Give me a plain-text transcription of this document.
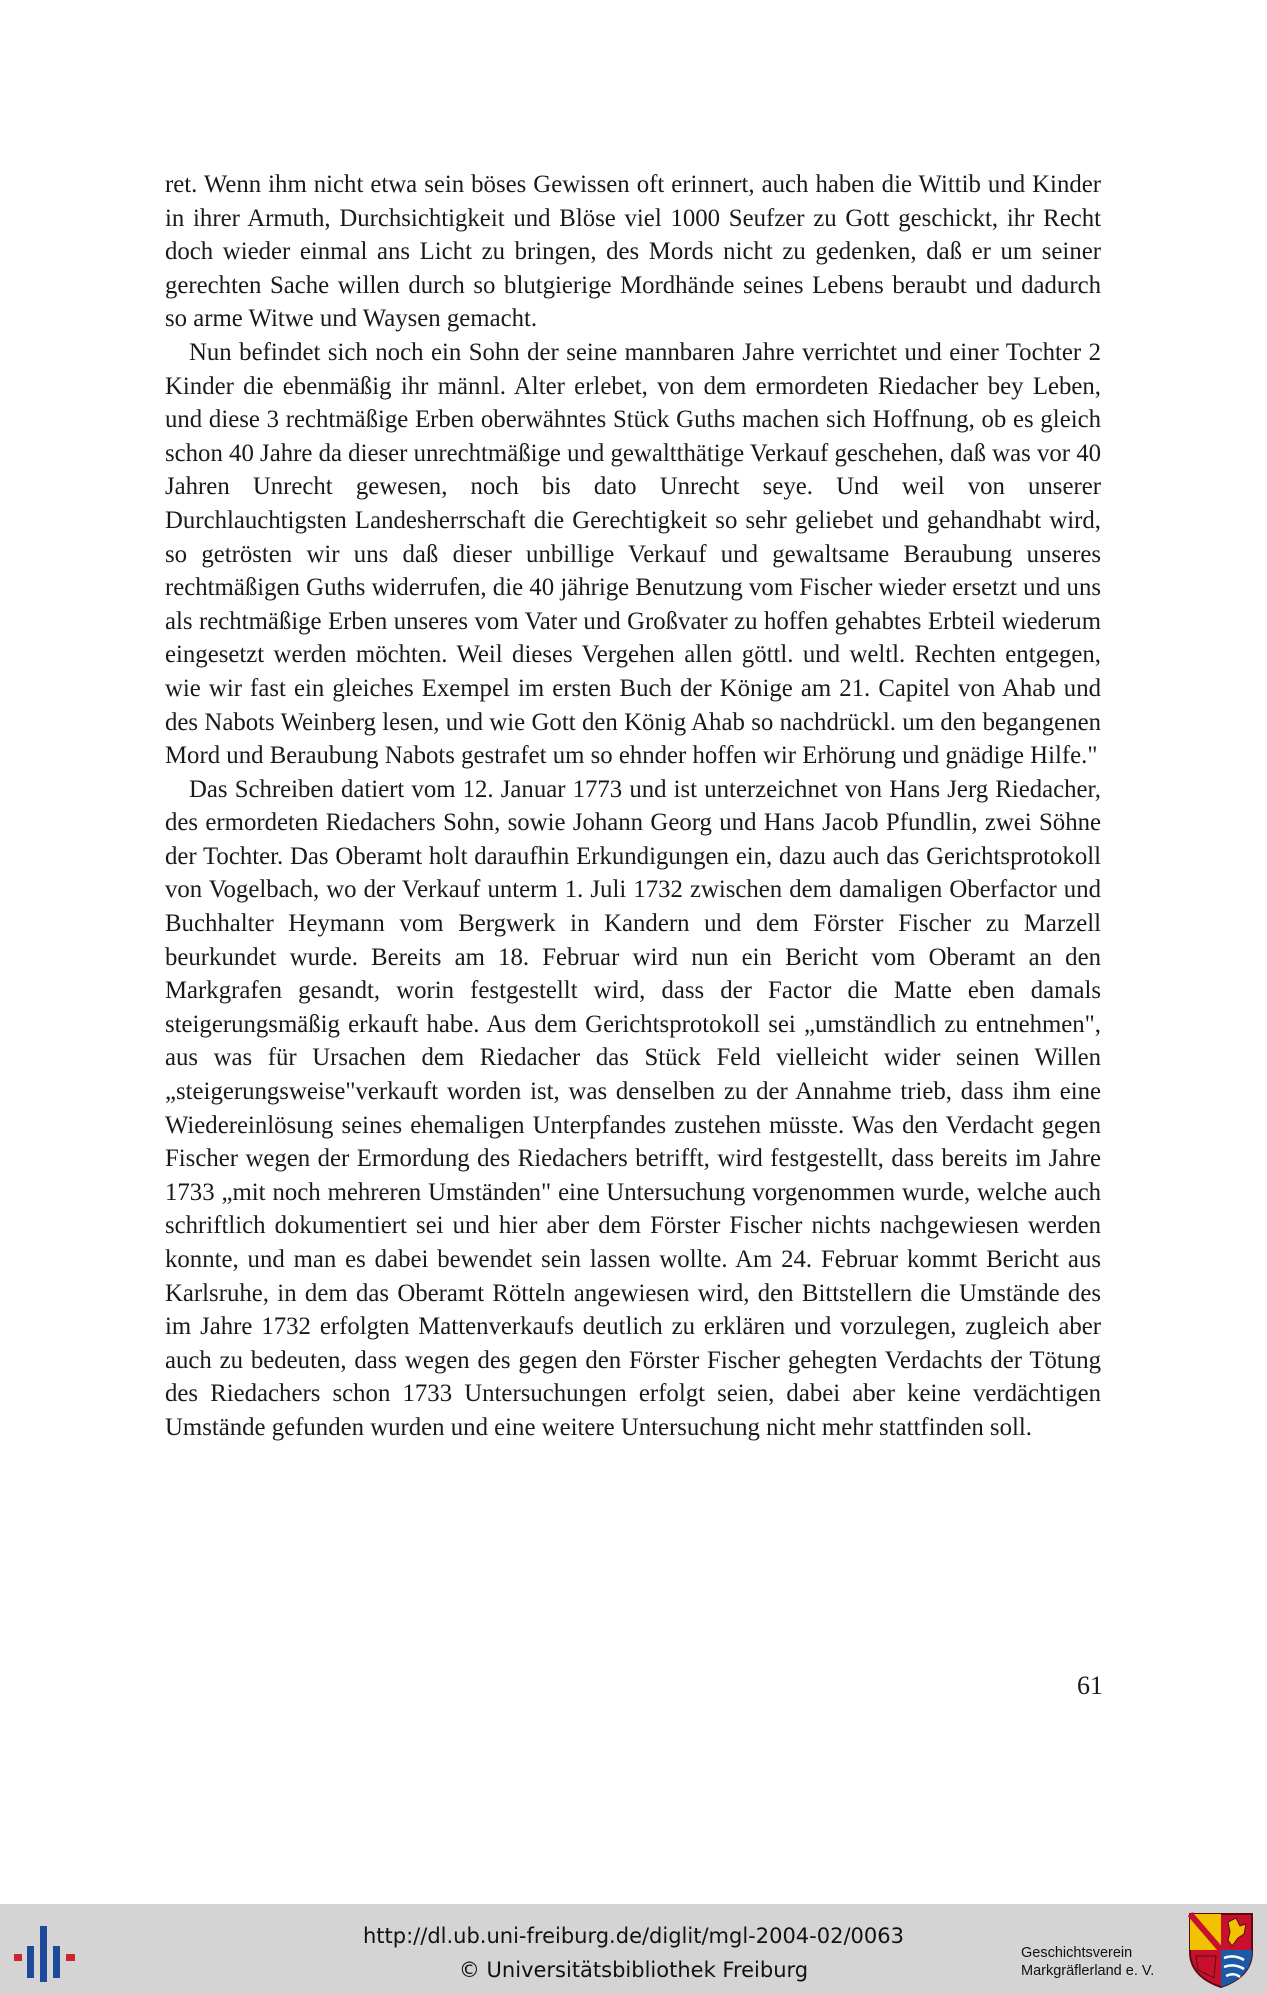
ret. Wenn ihm nicht etwa sein böses Gewissen oft erinnert, auch haben die Wittib und Kinder in ihrer Armuth, Durchsichtigkeit und Blöse viel 1000 Seufzer zu Gott geschickt, ihr Recht doch wieder einmal ans Licht zu bringen, des Mords nicht zu gedenken, daß er um seiner gerechten Sache willen durch so blutgierige Mordhände seines Lebens beraubt und dadurch so arme Witwe und Waysen gemacht.

Nun befindet sich noch ein Sohn der seine mannbaren Jahre verrichtet und einer Tochter 2 Kinder die ebenmäßig ihr männl. Alter erlebet, von dem ermordeten Riedacher bey Leben, und diese 3 rechtmäßige Erben oberwähntes Stück Guths machen sich Hoffnung, ob es gleich schon 40 Jahre da dieser unrechtmäßige und gewaltthätige Verkauf geschehen, daß was vor 40 Jahren Unrecht gewesen, noch bis dato Unrecht seye. Und weil von unserer Durchlauchtigsten Landesherrschaft die Gerechtigkeit so sehr geliebet und gehandhabt wird, so getrösten wir uns daß dieser unbillige Verkauf und gewaltsame Beraubung unseres rechtmäßigen Guths widerrufen, die 40 jährige Benutzung vom Fischer wieder ersetzt und uns als rechtmäßige Erben unseres vom Vater und Großvater zu hoffen gehabtes Erbteil wiederum eingesetzt werden möchten. Weil dieses Vergehen allen göttl. und weltl. Rechten entgegen, wie wir fast ein gleiches Exempel im ersten Buch der Könige am 21. Capitel von Ahab und des Nabots Weinberg lesen, und wie Gott den König Ahab so nachdrückl. um den begangenen Mord und Beraubung Nabots gestrafet um so ehnder hoffen wir Erhörung und gnädige Hilfe."

Das Schreiben datiert vom 12. Januar 1773 und ist unterzeichnet von Hans Jerg Riedacher, des ermordeten Riedachers Sohn, sowie Johann Georg und Hans Jacob Pfundlin, zwei Söhne der Tochter. Das Oberamt holt daraufhin Erkundigungen ein, dazu auch das Gerichtsprotokoll von Vogelbach, wo der Verkauf unterm 1. Juli 1732 zwischen dem damaligen Oberfactor und Buchhalter Heymann vom Bergwerk in Kandern und dem Förster Fischer zu Marzell beurkundet wurde. Bereits am 18. Februar wird nun ein Bericht vom Oberamt an den Markgrafen gesandt, worin festgestellt wird, dass der Factor die Matte eben damals steigerungsmäßig erkauft habe. Aus dem Gerichtsprotokoll sei „umständlich zu entnehmen", aus was für Ursachen dem Riedacher das Stück Feld vielleicht wider seinen Willen „steigerungsweise"verkauft worden ist, was denselben zu der Annahme trieb, dass ihm eine Wiedereinlösung seines ehemaligen Unterpfandes zustehen müsste. Was den Verdacht gegen Fischer wegen der Ermordung des Riedachers betrifft, wird festgestellt, dass bereits im Jahre 1733 „mit noch mehreren Umständen" eine Untersuchung vorgenommen wurde, welche auch schriftlich dokumentiert sei und hier aber dem Förster Fischer nichts nachgewiesen werden konnte, und man es dabei bewendet sein lassen wollte. Am 24. Februar kommt Bericht aus Karlsruhe, in dem das Oberamt Rötteln angewiesen wird, den Bittstellern die Umstände des im Jahre 1732 erfolgten Mattenverkaufs deutlich zu erklären und vorzulegen, zugleich aber auch zu bedeuten, dass wegen des gegen den Förster Fischer gehegten Verdachts der Tötung des Riedachers schon 1733 Untersuchungen erfolgt seien, dabei aber keine verdächtigen Umstände gefunden wurden und eine weitere Untersuchung nicht mehr stattfinden soll.

61
http://dl.ub.uni-freiburg.de/diglit/mgl-2004-02/0063
© Universitätsbibliothek Freiburg
Geschichtsverein
Markgräflerland e. V.
